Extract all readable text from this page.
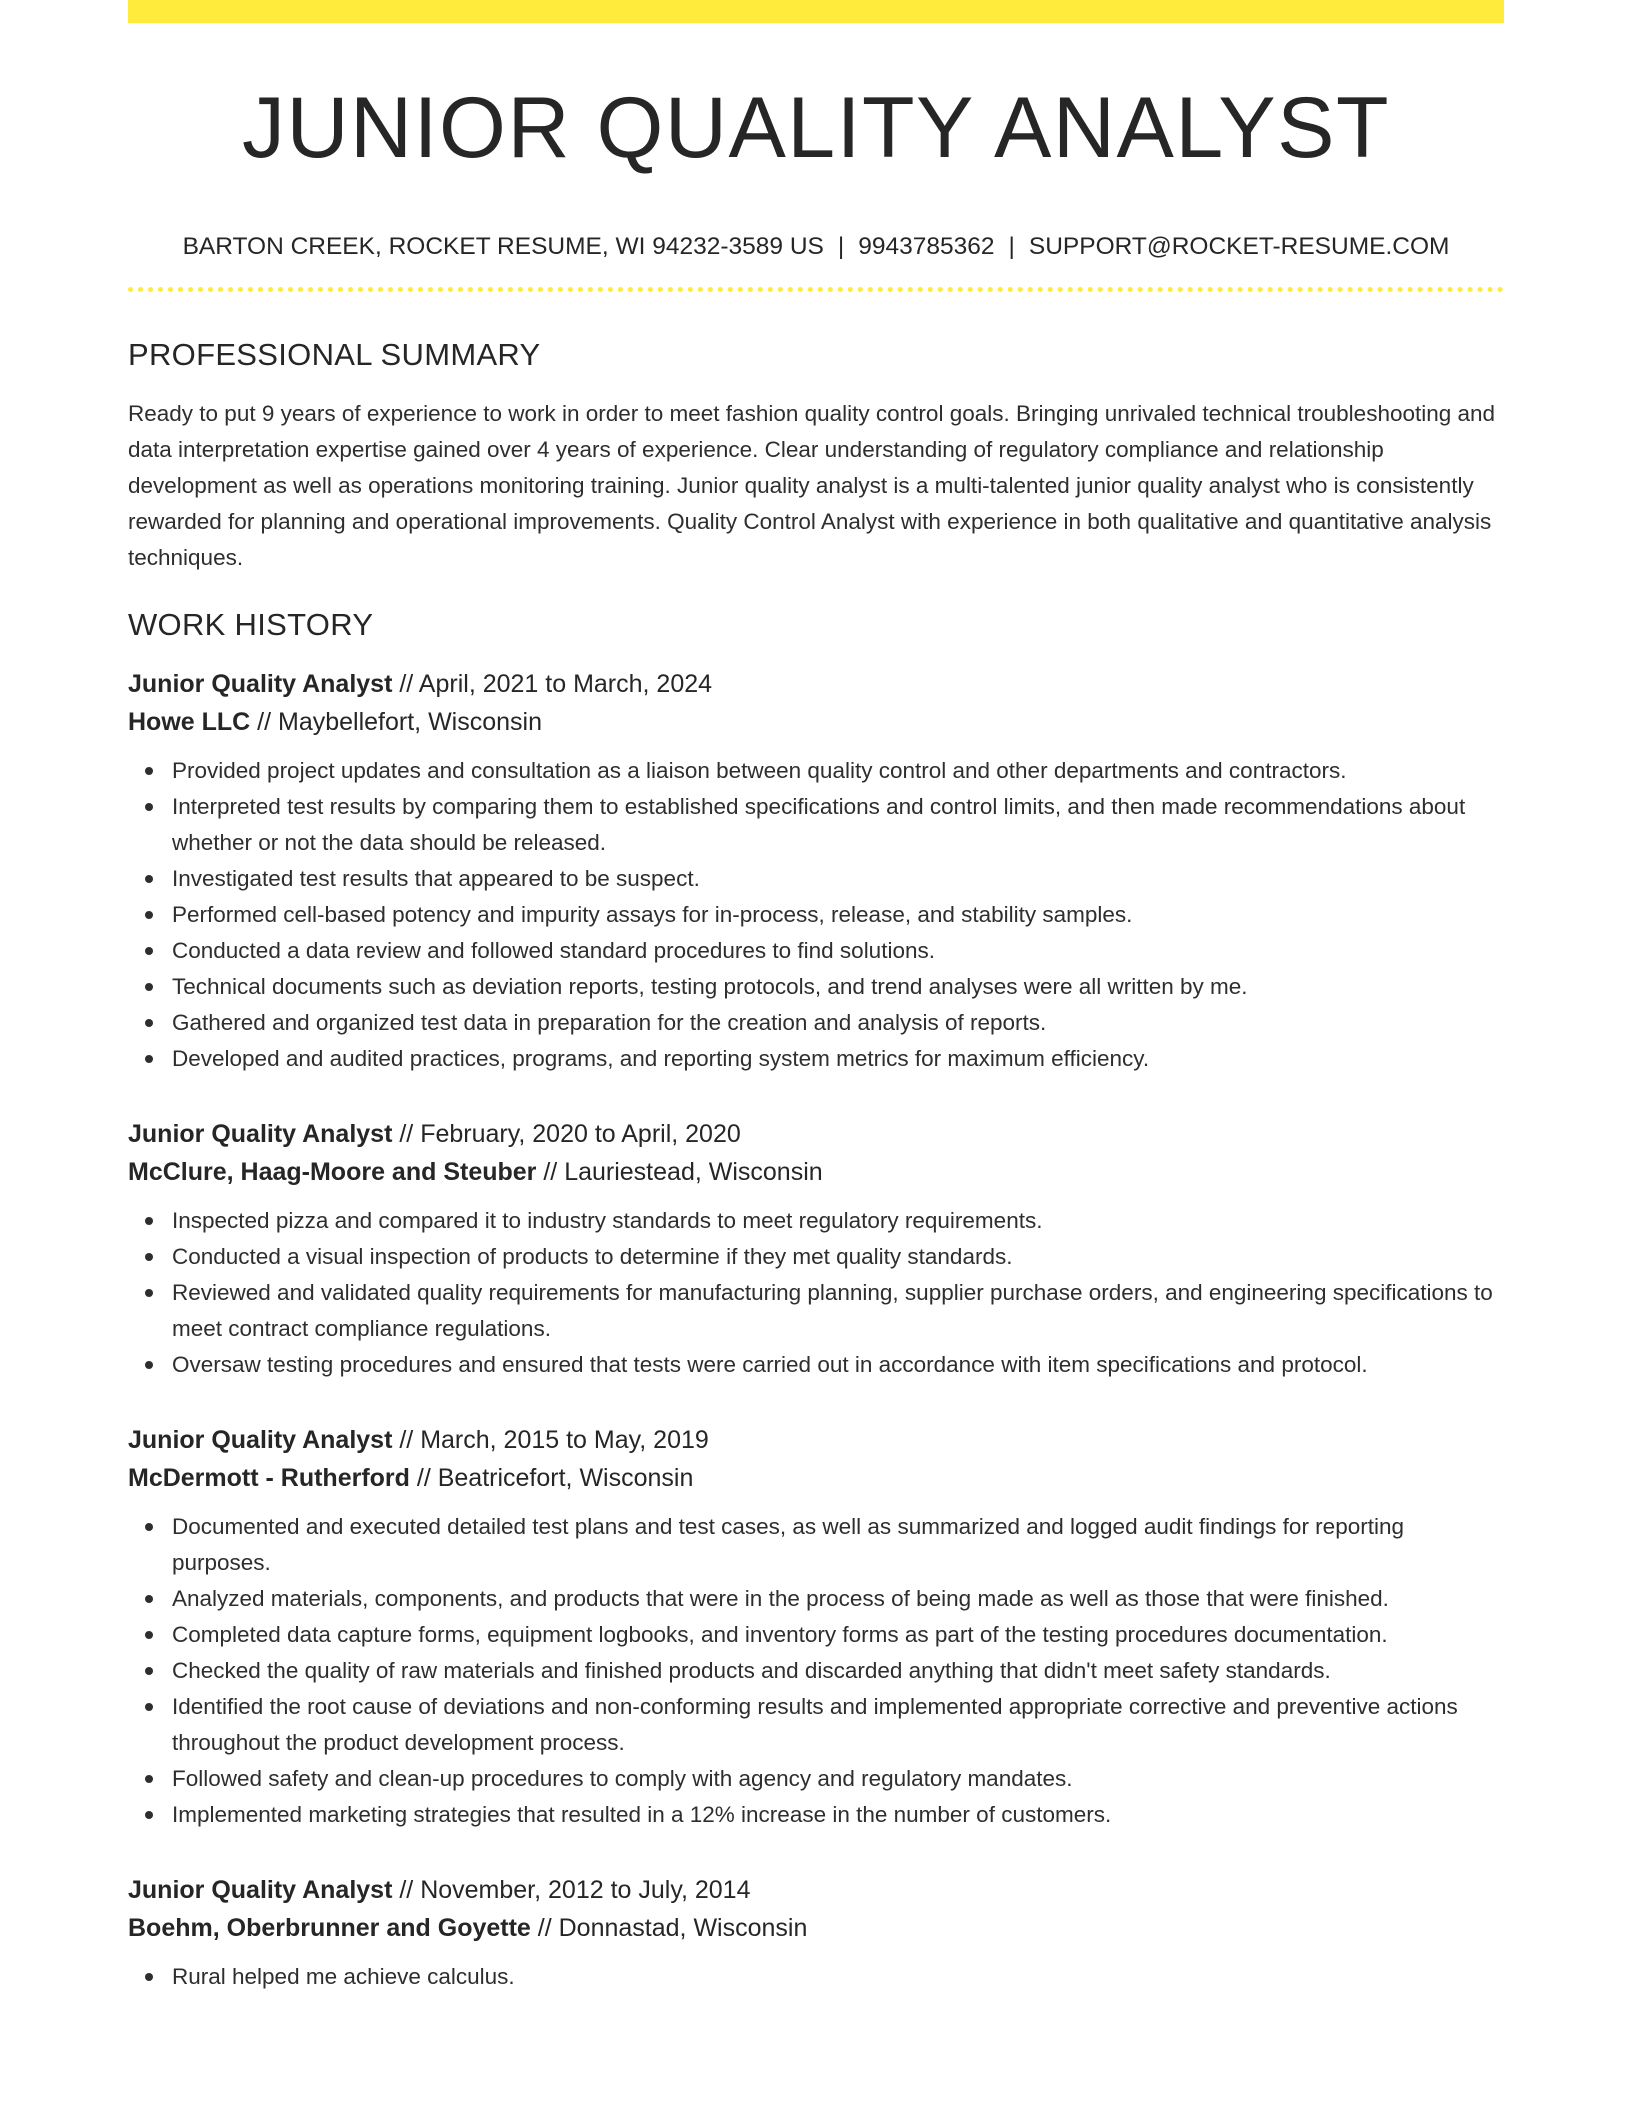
JUNIOR QUALITY ANALYST
BARTON CREEK, ROCKET RESUME, WI 94232-3589 US | 9943785362 | SUPPORT@ROCKET-RESUME.COM
PROFESSIONAL SUMMARY

Ready to put 9 years of experience to work in order to meet fashion quality control goals. Bringing unrivaled technical troubleshooting and data interpretation expertise gained over 4 years of experience. Clear understanding of regulatory compliance and relationship development as well as operations monitoring training. Junior quality analyst is a multi-talented junior quality analyst who is consistently rewarded for planning and operational improvements. Quality Control Analyst with experience in both qualitative and quantitative analysis techniques.

WORK HISTORY
Junior Quality Analyst // April, 2021 to March, 2024
Howe LLC // Maybellefort, Wisconsin
Provided project updates and consultation as a liaison between quality control and other departments and contractors.
Interpreted test results by comparing them to established specifications and control limits, and then made recommendations about whether or not the data should be released.
Investigated test results that appeared to be suspect.
Performed cell-based potency and impurity assays for in-process, release, and stability samples.
Conducted a data review and followed standard procedures to find solutions.
Technical documents such as deviation reports, testing protocols, and trend analyses were all written by me.
Gathered and organized test data in preparation for the creation and analysis of reports.
Developed and audited practices, programs, and reporting system metrics for maximum efficiency.
Junior Quality Analyst // February, 2020 to April, 2020
McClure, Haag-Moore and Steuber // Lauriestead, Wisconsin
Inspected pizza and compared it to industry standards to meet regulatory requirements.
Conducted a visual inspection of products to determine if they met quality standards.
Reviewed and validated quality requirements for manufacturing planning, supplier purchase orders, and engineering specifications to meet contract compliance regulations.
Oversaw testing procedures and ensured that tests were carried out in accordance with item specifications and protocol.
Junior Quality Analyst // March, 2015 to May, 2019
McDermott - Rutherford // Beatricefort, Wisconsin
Documented and executed detailed test plans and test cases, as well as summarized and logged audit findings for reporting purposes.
Analyzed materials, components, and products that were in the process of being made as well as those that were finished.
Completed data capture forms, equipment logbooks, and inventory forms as part of the testing procedures documentation.
Checked the quality of raw materials and finished products and discarded anything that didn't meet safety standards.
Identified the root cause of deviations and non-conforming results and implemented appropriate corrective and preventive actions throughout the product development process.
Followed safety and clean-up procedures to comply with agency and regulatory mandates.
Implemented marketing strategies that resulted in a 12% increase in the number of customers.
Junior Quality Analyst // November, 2012 to July, 2014
Boehm, Oberbrunner and Goyette // Donnastad, Wisconsin
Rural helped me achieve calculus.
